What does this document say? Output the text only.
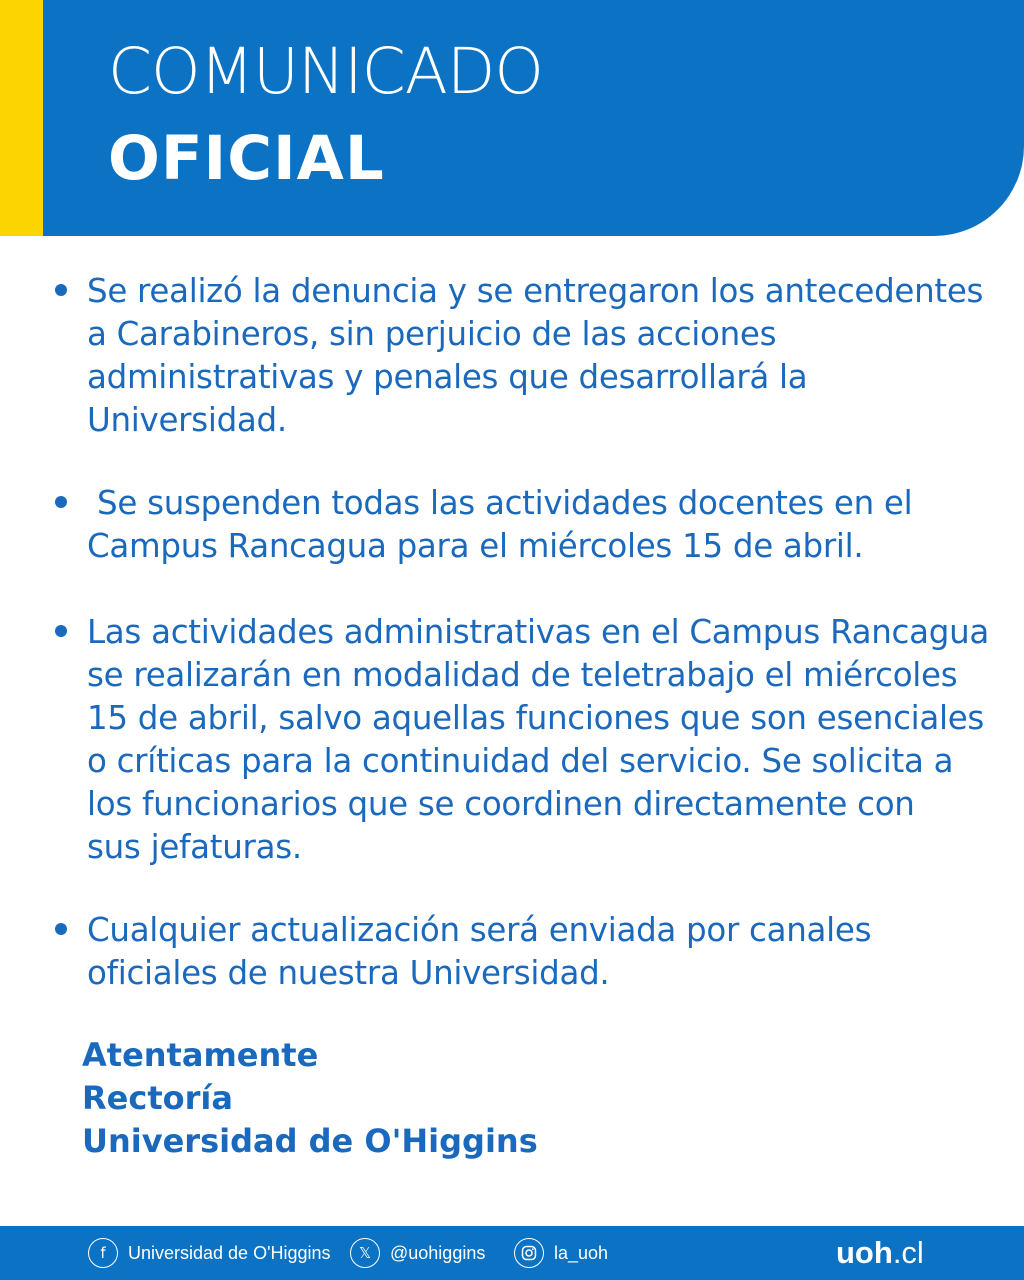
COMUNICADO
OFICIAL
Se realizó la denuncia y se entregaron los antecedentes
a Carabineros, sin perjuicio de las acciones
administrativas y penales que desarrollará la
Universidad.
Se suspenden todas las actividades docentes en el
Campus Rancagua para el miércoles 15 de abril.
Las actividades administrativas en el Campus Rancagua
se realizarán en modalidad de teletrabajo el miércoles
15 de abril, salvo aquellas funciones que son esenciales
o críticas para la continuidad del servicio. Se solicita a
los funcionarios que se coordinen directamente con
sus jefaturas.
Cualquier actualización será enviada por canales
oficiales de nuestra Universidad.
Atentamente
Rectoría
Universidad de O'Higgins
f	Universidad de O'Higgins	𝕏	@uohiggins	la_uoh	uoh .cl
